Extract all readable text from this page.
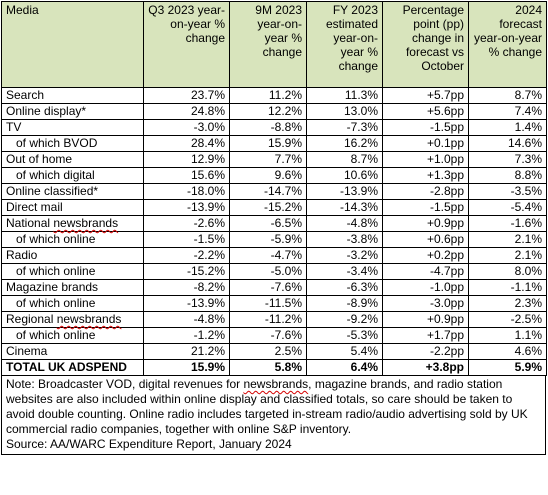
Media	Q3 2023 year-on-year % change	9M 2023 year-on-year % change	FY 2023 estimated year-on-year % change	Percentage point (pp) change in forecast vs October	2024 forecast year-on-year % change
Search	23.7%	11.2%	11.3%	+5.7pp	8.7%
Online display*	24.8%	12.2%	13.0%	+5.6pp	7.4%
TV	-3.0%	-8.8%	-7.3%	-1.5pp	1.4%
of which BVOD	28.4%	15.9%	16.2%	+0.1pp	14.6%
Out of home	12.9%	7.7%	8.7%	+1.0pp	7.3%
of which digital	15.6%	9.6%	10.6%	+1.3pp	8.8%
Online classified*	-18.0%	-14.7%	-13.9%	-2.8pp	-3.5%
Direct mail	-13.9%	-15.2%	-14.3%	-1.5pp	-5.4%
National newsbrands	-2.6%	-6.5%	-4.8%	+0.9pp	-1.6%
of which online	-1.5%	-5.9%	-3.8%	+0.6pp	2.1%
Radio	-2.2%	-4.7%	-3.2%	+0.2pp	2.1%
of which online	-15.2%	-5.0%	-3.4%	-4.7pp	8.0%
Magazine brands	-8.2%	-7.6%	-6.3%	-1.0pp	-1.1%
of which online	-13.9%	-11.5%	-8.9%	-3.0pp	2.3%
Regional newsbrands	-4.8%	-11.2%	-9.2%	+0.9pp	-2.5%
of which online	-1.2%	-7.6%	-5.3%	+1.7pp	1.1%
Cinema	21.2%	2.5%	5.4%	-2.2pp	4.6%
TOTAL UK ADSPEND	15.9%	5.8%	6.4%	+3.8pp	5.9%
Note: Broadcaster VOD, digital revenues for newsbrands, magazine brands, and radio station websites are also included within online display and classified totals, so care should be taken to avoid double counting. Online radio includes targeted in-stream radio/audio advertising sold by UK commercial radio companies, together with online S&P inventory.
Source: AA/WARC Expenditure Report, January 2024
